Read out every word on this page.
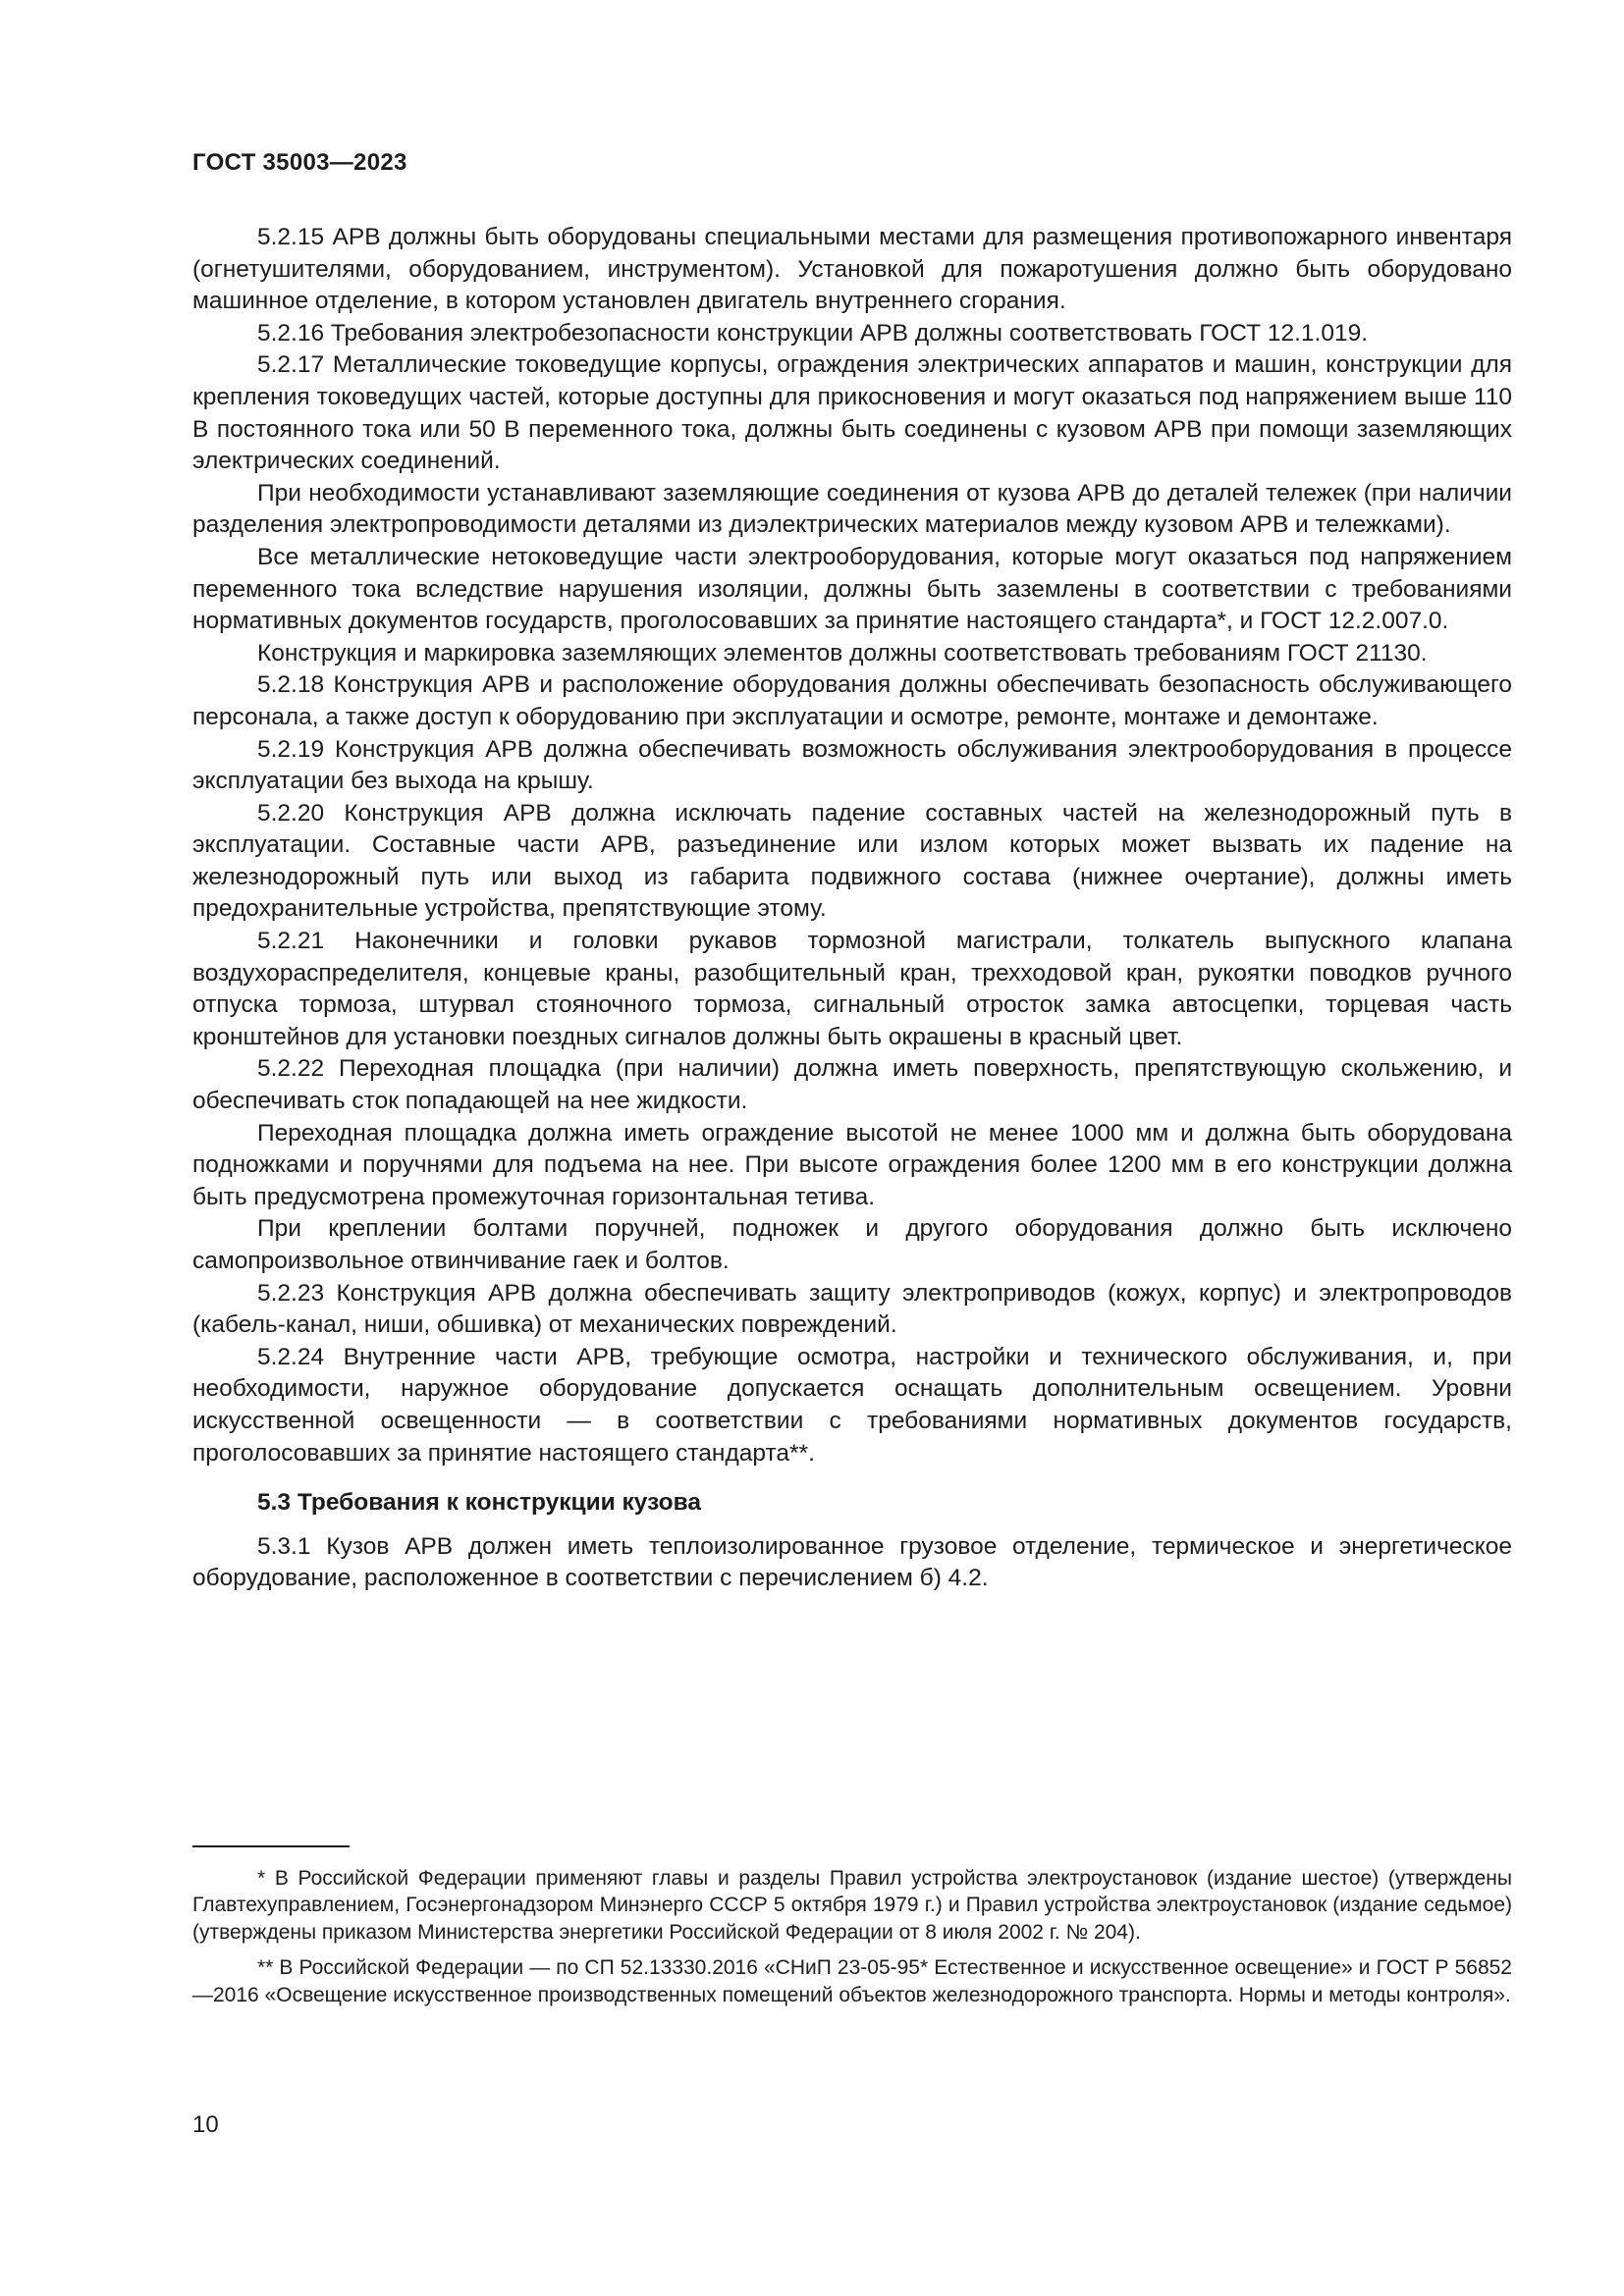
ГОСТ 35003—2023

5.2.15 АРВ должны быть оборудованы специальными местами для размещения противопожарного инвентаря (огнетушителями, оборудованием, инструментом). Установкой для пожаротушения должно быть оборудовано машинное отделение, в котором установлен двигатель внутреннего сгорания.

5.2.16 Требования электробезопасности конструкции АРВ должны соответствовать ГОСТ 12.1.019.

5.2.17 Металлические токоведущие корпусы, ограждения электрических аппаратов и машин, конструкции для крепления токоведущих частей, которые доступны для прикосновения и могут оказаться под напряжением выше 110 В постоянного тока или 50 В переменного тока, должны быть соединены с кузовом АРВ при помощи заземляющих электрических соединений.

При необходимости устанавливают заземляющие соединения от кузова АРВ до деталей тележек (при наличии разделения электропроводимости деталями из диэлектрических материалов между кузовом АРВ и тележками).

Все металлические нетоковедущие части электрооборудования, которые могут оказаться под напряжением переменного тока вследствие нарушения изоляции, должны быть заземлены в соответствии с требованиями нормативных документов государств, проголосовавших за принятие настоящего стандарта*, и ГОСТ 12.2.007.0.

Конструкция и маркировка заземляющих элементов должны соответствовать требованиям ГОСТ 21130.

5.2.18 Конструкция АРВ и расположение оборудования должны обеспечивать безопасность обслуживающего персонала, а также доступ к оборудованию при эксплуатации и осмотре, ремонте, монтаже и демонтаже.

5.2.19 Конструкция АРВ должна обеспечивать возможность обслуживания электрооборудования в процессе эксплуатации без выхода на крышу.

5.2.20 Конструкция АРВ должна исключать падение составных частей на железнодорожный путь в эксплуатации. Составные части АРВ, разъединение или излом которых может вызвать их падение на железнодорожный путь или выход из габарита подвижного состава (нижнее очертание), должны иметь предохранительные устройства, препятствующие этому.

5.2.21 Наконечники и головки рукавов тормозной магистрали, толкатель выпускного клапана воздухораспределителя, концевые краны, разобщительный кран, трехходовой кран, рукоятки поводков ручного отпуска тормоза, штурвал стояночного тормоза, сигнальный отросток замка автосцепки, торцевая часть кронштейнов для установки поездных сигналов должны быть окрашены в красный цвет.

5.2.22 Переходная площадка (при наличии) должна иметь поверхность, препятствующую скольжению, и обеспечивать сток попадающей на нее жидкости.

Переходная площадка должна иметь ограждение высотой не менее 1000 мм и должна быть оборудована подножками и поручнями для подъема на нее. При высоте ограждения более 1200 мм в его конструкции должна быть предусмотрена промежуточная горизонтальная тетива.

При креплении болтами поручней, подножек и другого оборудования должно быть исключено самопроизвольное отвинчивание гаек и болтов.

5.2.23 Конструкция АРВ должна обеспечивать защиту электроприводов (кожух, корпус) и электропроводов (кабель-канал, ниши, обшивка) от механических повреждений.

5.2.24 Внутренние части АРВ, требующие осмотра, настройки и технического обслуживания, и, при необходимости, наружное оборудование допускается оснащать дополнительным освещением. Уровни искусственной освещенности — в соответствии с требованиями нормативных документов государств, проголосовавших за принятие настоящего стандарта**.

5.3 Требования к конструкции кузова

5.3.1 Кузов АРВ должен иметь теплоизолированное грузовое отделение, термическое и энергетическое оборудование, расположенное в соответствии с перечислением б) 4.2.

* В Российской Федерации применяют главы и разделы Правил устройства электроустановок (издание шестое) (утверждены Главтехуправлением, Госэнергонадзором Минэнерго СССР 5 октября 1979 г.) и Правил устройства электроустановок (издание седьмое) (утверждены приказом Министерства энергетики Российской Федерации от 8 июля 2002 г. № 204).

** В Российской Федерации — по СП 52.13330.2016 «СНиП 23-05-95* Естественное и искусственное освещение» и ГОСТ Р 56852—2016 «Освещение искусственное производственных помещений объектов железнодорожного транспорта. Нормы и методы контроля».

10
